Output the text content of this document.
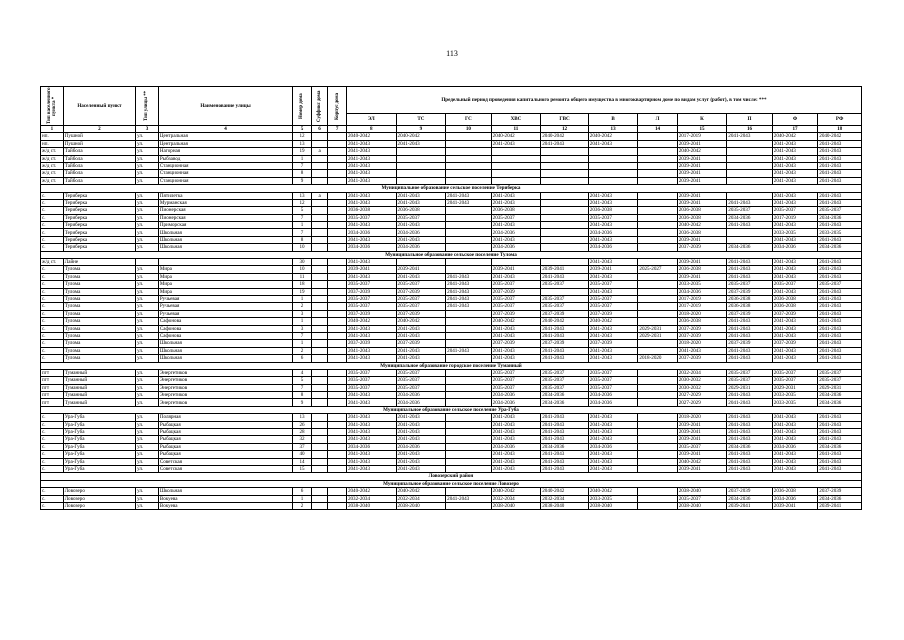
113
Тип населенного пункта *	Населенный пункт	Тип улицы **	Наименование улицы	Номер дома	Суффикс дома	Корпус дома	Предельный период проведения капитального ремонта общего имущества в многоквартирном доме по видам услуг (работ), в том числе: ***										
							ЭЛ	ТС	ГС	ХВС	ГВС	В	Л	К	П	Ф	РФ
1	2	3	4	5	6	7	8	9	10	11	12	13	14	15	16	17	18
нп.	Пушной	ул.	Центральная	12			2040-2042	2040-2042		2040-2042	2040-2042	2040-2042		2017-2019	2041-2043	2040-2042	2040-2042
нп.	Пушной	ул.	Центральная	13			2041-2043	2041-2043		2041-2043	2041-2043	2041-2043		2039-2041		2041-2043	2041-2043
ж/д ст.	Тайбола	ул.	Нагорная	19	а		2041-2043							2040-2042		2041-2043	2041-2043
ж/д ст.	Тайбола	ул.	Рыбзавод	1			2041-2043							2039-2041		2041-2043	2041-2043
ж/д ст.	Тайбола	ул.	Станционная	7			2041-2043							2039-2041		2041-2043	2041-2043
ж/д ст.	Тайбола	ул.	Станционная	8			2041-2043							2039-2041		2041-2043	2041-2043
ж/д ст.	Тайбола	ул.	Станционная	9			2041-2043							2039-2041		2041-2043	2041-2043
Муниципальное образование сельское поселение Териберка																	
с.	Териберка	ул.	Пятилетка	13	а		2041-2043	2041-2043	2041-2043	2041-2043		2041-2043		2039-2041		2041-2043	2041-2043
с.	Териберка	ул.	Мурманская	12			2041-2043	2041-2043	2041-2043	2041-2043		2041-2043		2039-2041	2041-2043	2041-2043	2041-2043
с.	Териберка	ул.	Пионерская	5			2036-2038	2036-2038		2036-2038		2036-2038		2036-2038	2035-2037	2035-2037	2035-2037
с.	Териберка	ул.	Пионерская	7			2035-2037	2035-2037		2035-2037		2035-2037		2036-2038	2034-2036	2017-2019	2034-2036
с.	Териберка	ул.	Приморская	1			2041-2043	2041-2043		2041-2043		2041-2043		2040-2042	2041-2043	2041-2043	2041-2043
с.	Териберка	ул.	Школьная	7			2034-2036	2034-2036		2034-2036		2034-2036		2036-2038		2033-2035	2033-2035
с.	Териберка	ул.	Школьная	8			2041-2043	2041-2043		2041-2043		2041-2043		2039-2041		2041-2043	2041-2043
с.	Териберка	ул.	Школьная	10			2034-2036	2034-2036		2034-2036		2034-2036		2037-2039	2034-2036	2034-2036	2034-2036
Муниципальное образование сельское поселение Тулома																	
ж/д ст.	Лайне			30			2041-2043					2041-2043		2039-2041	2041-2043	2041-2043	2041-2043
с.	Тулома	ул.	Мира	10			2039-2041	2039-2041		2039-2041	2039-2041	2039-2041	2025-2027	2036-2038	2041-2043	2041-2043	2041-2043
с.	Тулома	ул.	Мира	11			2041-2043	2041-2043	2041-2043	2041-2043	2041-2043	2041-2043		2039-2041	2041-2043	2041-2043	2041-2043
с.	Тулома	ул.	Мира	18			2035-2037	2035-2037	2041-2043	2035-2037	2035-2037	2035-2037		2033-2035	2035-2037	2035-2037	2035-2037
с.	Тулома	ул.	Мира	19			2037-2039	2037-2039	2041-2043	2037-2039		2041-2043		2034-2036	2037-2039	2041-2043	2041-2043
с.	Тулома	ул.	Ручьевая	1			2035-2037	2035-2037	2041-2043	2035-2037	2035-2037	2035-2037		2017-2019	2036-2038	2036-2038	2041-2043
с.	Тулома	ул.	Ручьевая	2			2035-2037	2035-2037	2041-2043	2035-2037	2035-2037	2035-2037		2017-2019	2036-2038	2036-2038	2041-2043
с.	Тулома	ул.	Ручьевая	3			2037-2039	2037-2039		2037-2039	2037-2039	2037-2039		2018-2020	2037-2039	2037-2039	2041-2043
с.	Тулома	ул.	Сафонова	1			2040-2042	2040-2042		2040-2042	2040-2042	2040-2042		2036-2038	2041-2043	2041-2043	2041-2043
с.	Тулома	ул.	Сафонова	3			2041-2043	2041-2043		2041-2043	2041-2043	2041-2043	2029-2031	2037-2039	2041-2043	2041-2043	2041-2043
с.	Тулома	ул.	Сафонова	7			2041-2043	2041-2043		2041-2043	2041-2043	2041-2043	2029-2031	2037-2039	2041-2043	2041-2043	2041-2043
с.	Тулома	ул.	Школьная	1			2037-2039	2037-2039		2037-2039	2037-2039	2037-2039		2018-2020	2037-2039	2037-2039	2041-2043
с.	Тулома	ул.	Школьная	2			2041-2043	2041-2043	2041-2043	2041-2043	2041-2043	2041-2043		2041-2043	2041-2043	2041-2043	2041-2043
с.	Тулома	ул.	Школьная	6			2041-2043	2041-2043		2041-2043	2041-2043	2041-2043	2018-2020	2037-2039	2041-2043	2041-2043	2041-2043
Муниципальное образование городское поселение Туманный																	
пгт	Туманный	ул.	Энергетиков	4			2035-2037	2035-2037		2035-2037	2035-2037	2035-2037		2032-2034	2035-2037	2035-2037	2035-2037
пгт	Туманный	ул.	Энергетиков	5			2035-2037	2035-2037		2035-2037	2035-2037	2035-2037		2030-2032	2035-2037	2035-2037	2035-2037
пгт	Туманный	ул.	Энергетиков	7			2035-2037	2035-2037		2035-2037	2035-2037	2035-2037		2030-2032	2029-2031	2029-2031	2029-2031
пгт	Туманный	ул.	Энергетиков	8			2041-2043	2034-2036		2034-2036	2034-2036	2034-2036		2027-2029	2041-2043	2033-2035	2034-2036
пгт	Туманный	ул.	Энергетиков	9			2041-2043	2034-2036		2034-2036	2034-2036	2034-2036		2027-2029	2041-2043	2033-2035	2034-2036
Муниципальное образование сельское поселение Ура-Губа																	
с.	Ура-Губа	ул.	Полярная	13			2041-2043	2041-2043		2041-2043	2041-2043	2041-2043		2018-2020	2041-2043	2041-2043	2041-2043
с.	Ура-Губа	ул.	Рыбацкая	26			2041-2043	2041-2043		2041-2043	2041-2043	2041-2043		2039-2041	2041-2043	2041-2043	2041-2043
с.	Ура-Губа	ул.	Рыбацкая	28			2041-2043	2041-2043		2041-2043	2041-2043	2041-2043		2039-2041	2041-2043	2041-2043	2041-2043
с.	Ура-Губа	ул.	Рыбацкая	32			2041-2043	2041-2043		2041-2043	2041-2043	2041-2043		2039-2041	2041-2043	2041-2043	2041-2043
с.	Ура-Губа	ул.	Рыбацкая	37			2034-2036	2034-2036		2034-2036	2034-2036	2034-2036		2035-2037	2034-2036	2034-2036	2034-2036
с.	Ура-Губа	ул.	Рыбацкая	40			2041-2043	2041-2043		2041-2043	2041-2043	2041-2043		2039-2041	2041-2043	2041-2043	2041-2043
с.	Ура-Губа	ул.	Советская	14			2041-2043	2041-2043		2041-2043	2041-2043	2041-2043		2040-2042	2041-2043	2041-2043	2041-2043
с.	Ура-Губа	ул.	Советская	15			2041-2043	2041-2043		2041-2043	2041-2043	2041-2043		2039-2041	2041-2043	2041-2043	2041-2043
Ловозерский район																	
Муниципальное образование сельское поселение Ловозеро																	
с.	Ловозеро	ул.	Школьная	6			2040-2042	2040-2042		2040-2042	2040-2042	2040-2042		2038-2040	2037-2039	2036-2038	2037-2039
с.	Ловозеро	ул.	Вокуева	1			2032-2034	2032-2034	2041-2043	2032-2034	2032-2034	2033-2035		2035-2037	2034-2036	2034-2036	2034-2036
с.	Ловозеро	ул.	Вокуева	2			2038-2040	2038-2040		2038-2040	2038-2040	2038-2040		2038-2040	2039-2041	2039-2041	2039-2041
